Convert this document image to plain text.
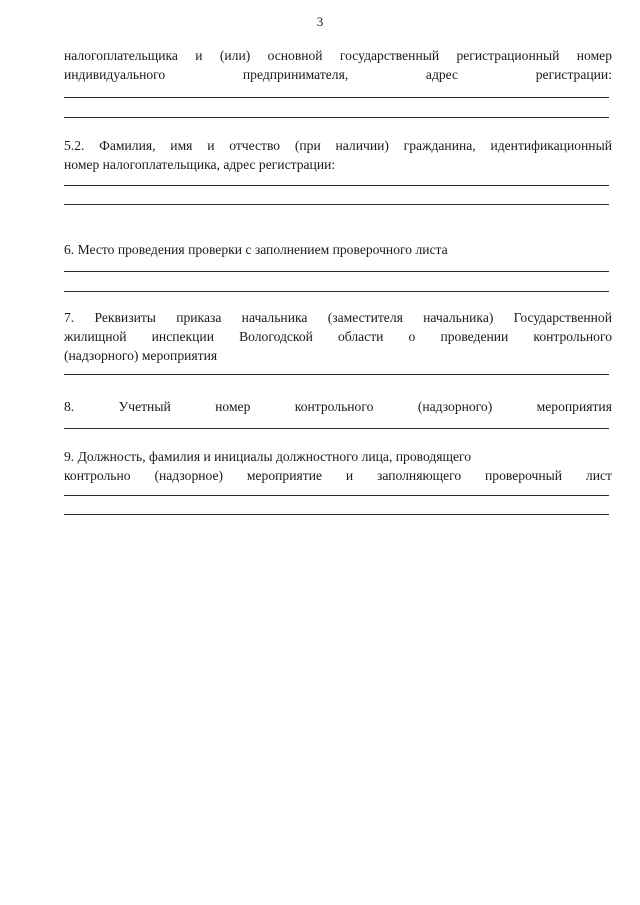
3
налогоплательщика и (или) основной государственный регистрационный номер
индивидуального	предпринимателя,	адрес	регистрации:
5.2. Фамилия, имя и отчество (при наличии) гражданина, идентификационный
номер налогоплательщика, адрес регистрации:
6. Место проведения проверки с заполнением проверочного листа
7. Реквизиты приказа начальника (заместителя начальника) Государственной
жилищной инспекции Вологодской области о проведении контрольного
(надзорного) мероприятия
8.	Учетный	номер	контрольного	(надзорного)	мероприятия
9. Должность, фамилия и инициалы должностного лица, проводящего
контрольно (надзорное) мероприятие и заполняющего проверочный лист
